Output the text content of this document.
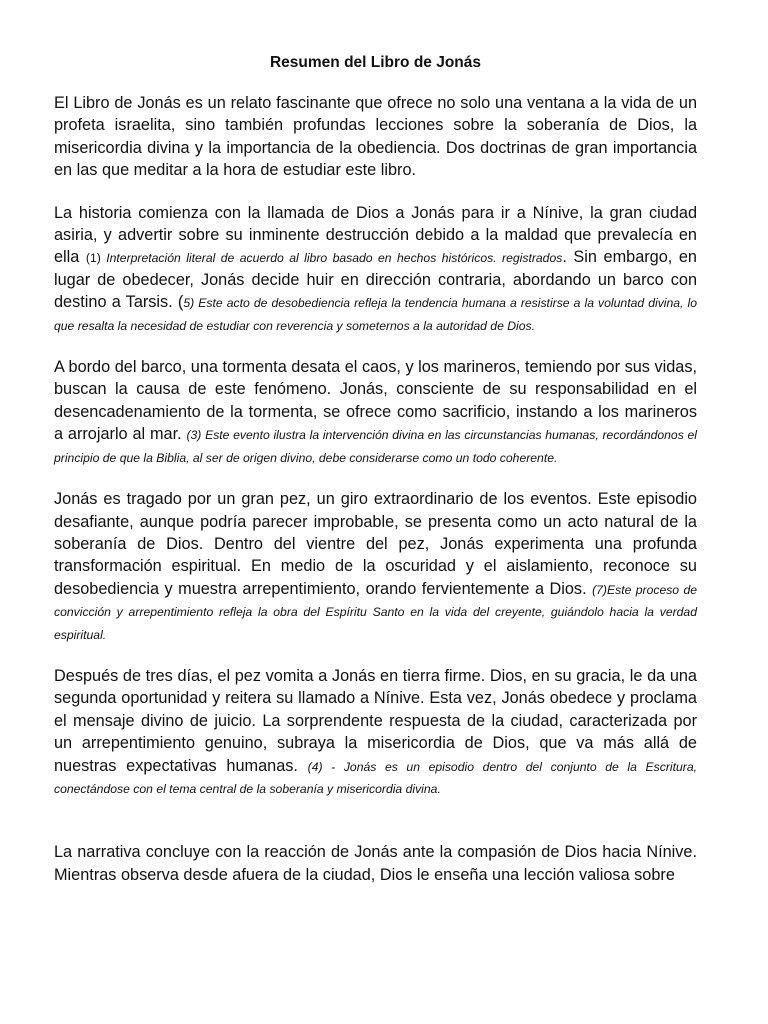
Resumen del Libro de Jonás

El Libro de Jonás es un relato fascinante que ofrece no solo una ventana a la vida de un profeta israelita, sino también profundas lecciones sobre la soberanía de Dios, la misericordia divina y la importancia de la obediencia. Dos doctrinas de gran importancia en las que meditar a la hora de estudiar este libro.

La historia comienza con la llamada de Dios a Jonás para ir a Nínive, la gran ciudad asiria, y advertir sobre su inminente destrucción debido a la maldad que prevalecía en ella (1) Interpretación literal de acuerdo al libro basado en hechos históricos. registrados. Sin embargo, en lugar de obedecer, Jonás decide huir en dirección contraria, abordando un barco con destino a Tarsis. (5) Este acto de desobediencia refleja la tendencia humana a resistirse a la voluntad divina, lo que resalta la necesidad de estudiar con reverencia y someternos a la autoridad de Dios.

A bordo del barco, una tormenta desata el caos, y los marineros, temiendo por sus vidas, buscan la causa de este fenómeno. Jonás, consciente de su responsabilidad en el desencadenamiento de la tormenta, se ofrece como sacrificio, instando a los marineros a arrojarlo al mar. (3) Este evento ilustra la intervención divina en las circunstancias humanas, recordándonos el principio de que la Biblia, al ser de origen divino, debe considerarse como un todo coherente.

Jonás es tragado por un gran pez, un giro extraordinario de los eventos. Este episodio desafiante, aunque podría parecer improbable, se presenta como un acto natural de la soberanía de Dios. Dentro del vientre del pez, Jonás experimenta una profunda transformación espiritual. En medio de la oscuridad y el aislamiento, reconoce su desobediencia y muestra arrepentimiento, orando fervientemente a Dios. (7)Este proceso de convicción y arrepentimiento refleja la obra del Espíritu Santo en la vida del creyente, guiándolo hacia la verdad espiritual.

Después de tres días, el pez vomita a Jonás en tierra firme. Dios, en su gracia, le da una segunda oportunidad y reitera su llamado a Nínive. Esta vez, Jonás obedece y proclama el mensaje divino de juicio. La sorprendente respuesta de la ciudad, caracterizada por un arrepentimiento genuino, subraya la misericordia de Dios, que va más allá de nuestras expectativas humanas. (4) - Jonás es un episodio dentro del conjunto de la Escritura, conectándose con el tema central de la soberanía y misericordia divina.

La narrativa concluye con la reacción de Jonás ante la compasión de Dios hacia Nínive. Mientras observa desde afuera de la ciudad, Dios le enseña una lección valiosa sobre
